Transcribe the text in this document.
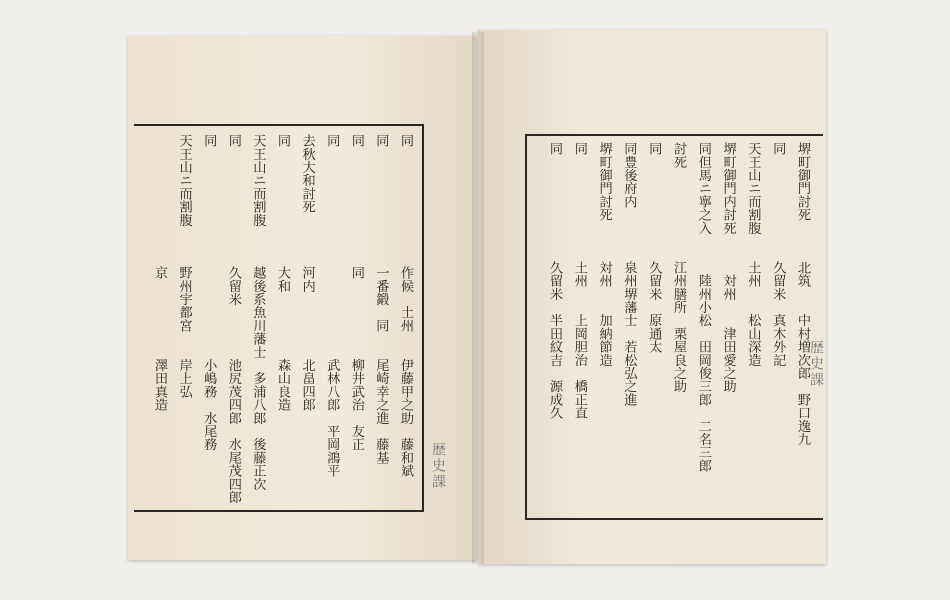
同　　　　　　　　　作候　土州　　伊藤甲之助　藤和斌
同　　　　　　　　　一番鍛　同　　尾崎幸之進　藤基
同　　　　　　　　　同　　　　　　柳井武治　友正
同　　　　　　　　　　　　　　　　武林八郎　平岡鴻平
去秋大和討死　　　　河内　　　　　北畠四郎
同　　　　　　　　　大和　　　　　森山良造
天王山ニ而割腹　　　越後系魚川藩士　多浦八郎　後藤正次
同　　　　　　　　　久留米　　　　池尻茂四郎　水尾茂四郎
同　　　　　　　　　　　　　　　　小嶋務　水尾務
天王山ニ而割腹　　　野州宇都宮　　岸上弘
　　　　　　　　　　京　　　　　　澤田真造	堺町御門討死　　　北筑　　中村増次郎　野口逸九
同　　　　　　　　久留米　真木外記
天王山ニ而割腹　　土州　　松山深造
堺町御門内討死　　　対州　　津田愛之助
同但馬ニ寧之入　　　陸州小松　田岡俊三郎　二名三郎
討死　　　　　　　江州膳所　栗屋良之助
同　　　　　　　　久留米　原通太
同豊後府内　　　　泉州堺藩士　若松弘之進
堺町御門討死　　　対州　　加納節造
同　　　　　　　　土州　　上岡胆治　橋正直
同　　　　　　　　久留米　半田紋吉　源成久
歴史課
歴史課
